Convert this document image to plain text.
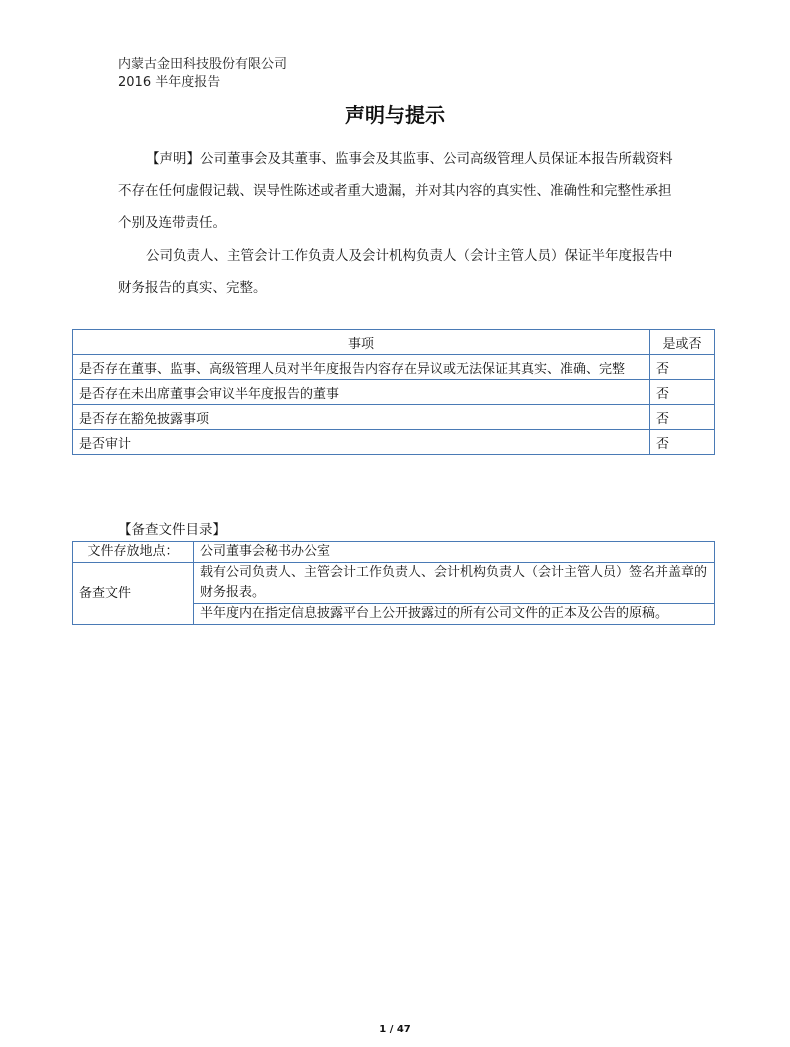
内蒙古金田科技股份有限公司
2016 半年度报告
声明与提示
【声明】公司董事会及其董事、监事会及其监事、公司高级管理人员保证本报告所载资料不存在任何虚假记载、误导性陈述或者重大遗漏，并对其内容的真实性、准确性和完整性承担个别及连带责任。
公司负责人、主管会计工作负责人及会计机构负责人（会计主管人员）保证半年度报告中财务报告的真实、完整。
事项	是或否
是否存在董事、监事、高级管理人员对半年度报告内容存在异议或无法保证其真实、准确、完整	否
是否存在未出席董事会审议半年度报告的董事	否
是否存在豁免披露事项	否
是否审计	否
【备查文件目录】
文件存放地点：	公司董事会秘书办公室
备查文件	载有公司负责人、主管会计工作负责人、会计机构负责人（会计主管人员）签名并盖章的财务报表。
	半年度内在指定信息披露平台上公开披露过的所有公司文件的正本及公告的原稿。
1 / 47
